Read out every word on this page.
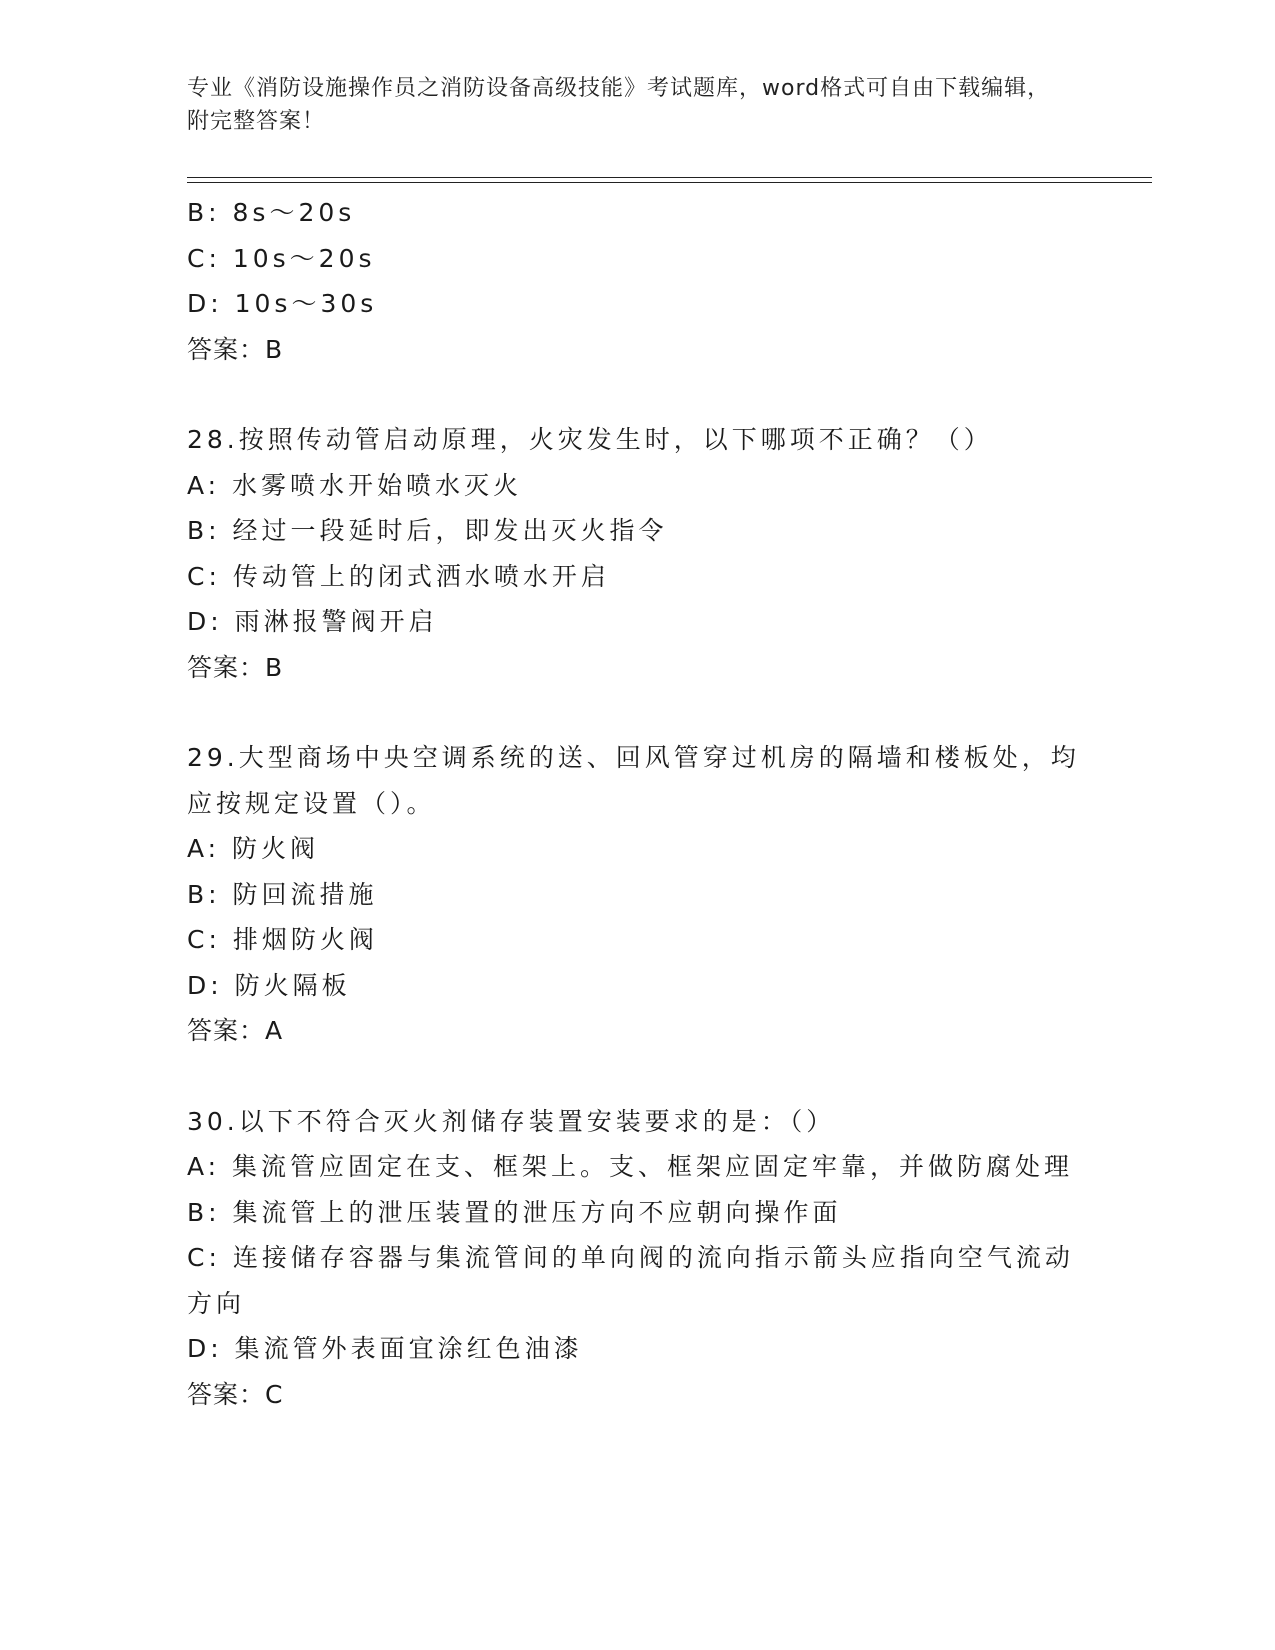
专业《消防设施操作员之消防设备高级技能》考试题库，word格式可自由下载编辑，附完整答案！
B: 8s～20s
C: 10s～20s
D: 10s～30s
答案：B
28.按照传动管启动原理，火灾发生时，以下哪项不正确？（）
A: 水雾喷水开始喷水灭火
B: 经过一段延时后，即发出灭火指令
C: 传动管上的闭式洒水喷水开启
D: 雨淋报警阀开启
答案：B
29.大型商场中央空调系统的送、回风管穿过机房的隔墙和楼板处，均
应按规定设置（）。
A: 防火阀
B: 防回流措施
C: 排烟防火阀
D: 防火隔板
答案：A
30.以下不符合灭火剂储存装置安装要求的是：（）
A: 集流管应固定在支、框架上。支、框架应固定牢靠，并做防腐处理
B: 集流管上的泄压装置的泄压方向不应朝向操作面
C: 连接储存容器与集流管间的单向阀的流向指示箭头应指向空气流动
方向
D: 集流管外表面宜涂红色油漆
答案：C
